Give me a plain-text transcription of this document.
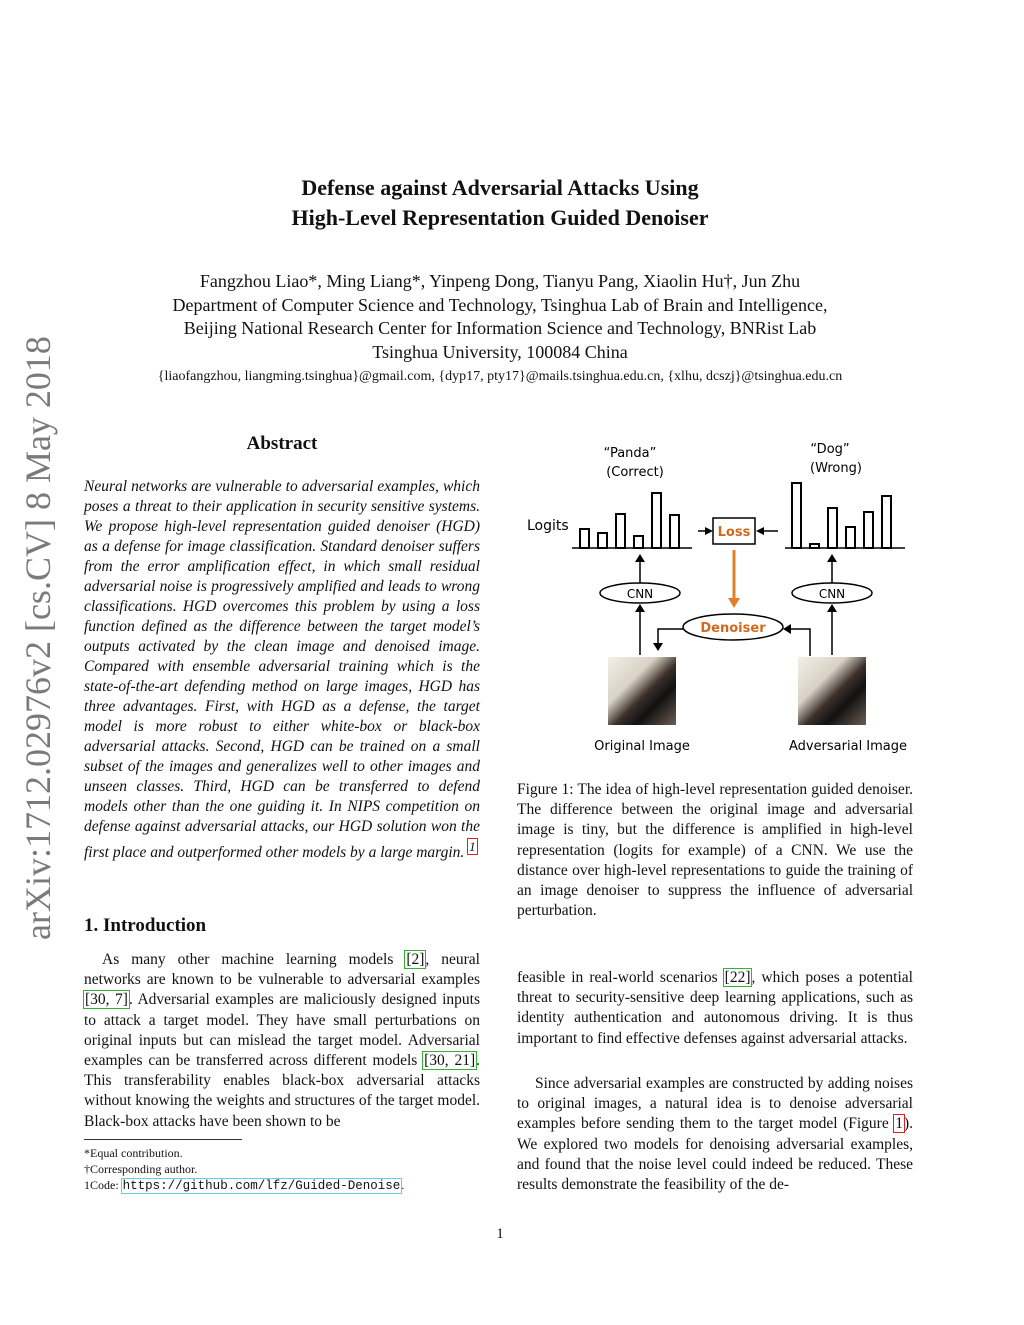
arXiv:1712.02976v2 [cs.CV] 8 May 2018
Defense against Adversarial Attacks Using
High-Level Representation Guided Denoiser
Fangzhou Liao*, Ming Liang*, Yinpeng Dong, Tianyu Pang, Xiaolin Hu†, Jun Zhu
Department of Computer Science and Technology, Tsinghua Lab of Brain and Intelligence,
Beijing National Research Center for Information Science and Technology, BNRist Lab
Tsinghua University, 100084 China
{liaofangzhou, liangming.tsinghua}@gmail.com, {dyp17, pty17}@mails.tsinghua.edu.cn, {xlhu, dcszj}@tsinghua.edu.cn
Abstract
Neural networks are vulnerable to adversarial examples, which poses a threat to their application in security sensitive systems. We propose high-level representation guided denoiser (HGD) as a defense for image classification. Standard denoiser suffers from the error amplification effect, in which small residual adversarial noise is progressively amplified and leads to wrong classifications. HGD overcomes this problem by using a loss function defined as the difference between the target model’s outputs activated by the clean image and denoised image. Compared with ensemble adversarial training which is the state-of-the-art defending method on large images, HGD has three advantages. First, with HGD as a defense, the target model is more robust to either white-box or black-box adversarial attacks. Second, HGD can be trained on a small subset of the images and generalizes well to other images and unseen classes. Third, HGD can be transferred to defend models other than the one guiding it. In NIPS competition on defense against adversarial attacks, our HGD solution won the first place and outperformed other models by a large margin. $^1$
“Panda”
(Correct)
“Dog”
(Wrong)
Logits	Loss
CNN	CNN
Denoiser
Original Image	Adversarial Image
Figure 1: The idea of high-level representation guided denoiser. The difference between the original image and adversarial image is tiny, but the difference is amplified in high-level representation (logits for example) of a CNN. We use the distance over high-level representations to guide the training of an image denoiser to suppress the influence of adversarial perturbation.
1. Introduction
As many other machine learning models [2], neural networks are known to be vulnerable to adversarial examples [30, 7]. Adversarial examples are maliciously designed inputs to attack a target model. They have small perturbations on original inputs but can mislead the target model. Adversarial examples can be transferred across different models [30, 21]. This transferability enables black-box adversarial attacks without knowing the weights and structures of the target model. Black-box attacks have been shown to be
feasible in real-world scenarios [22], which poses a potential threat to security-sensitive deep learning applications, such as identity authentication and autonomous driving. It is thus important to find effective defenses against adversarial attacks.
Since adversarial examples are constructed by adding noises to original images, a natural idea is to denoise adversarial examples before sending them to the target model (Figure 1). We explored two models for denoising adversarial examples, and found that the noise level could indeed be reduced. These results demonstrate the feasibility of the de-
*Equal contribution.
†Corresponding author.
1Code: https://github.com/lfz/Guided-Denoise.
1
